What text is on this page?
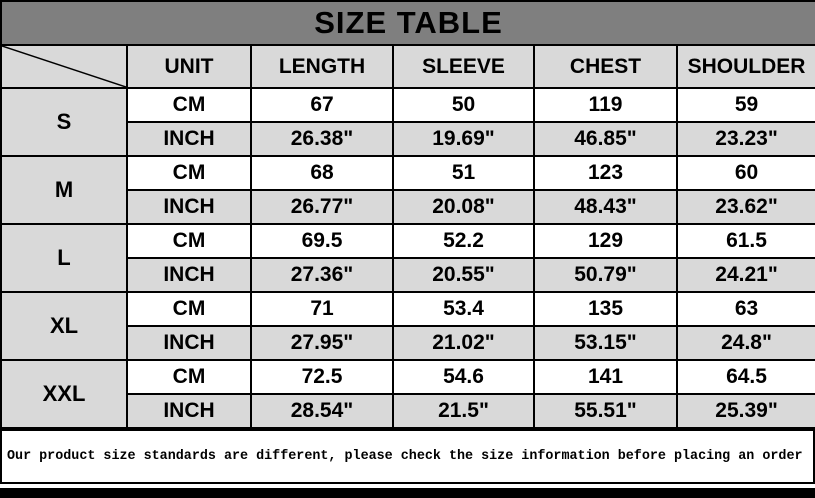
SIZE TABLE					

	UNIT	LENGTH	SLEEVE	CHEST	SHOULDER
S	CM	67	50	119	59
	INCH	26.38"	19.69"	46.85"	23.23"
M	CM	68	51	123	60
	INCH	26.77"	20.08"	48.43"	23.62"
L	CM	69.5	52.2	129	61.5
	INCH	27.36"	20.55"	50.79"	24.21"
XL	CM	71	53.4	135	63
	INCH	27.95"	21.02"	53.15"	24.8"
XXL	CM	72.5	54.6	141	64.5
	INCH	28.54"	21.5"	55.51"	25.39"
Our product size standards are different, please check the size information before placing an order
